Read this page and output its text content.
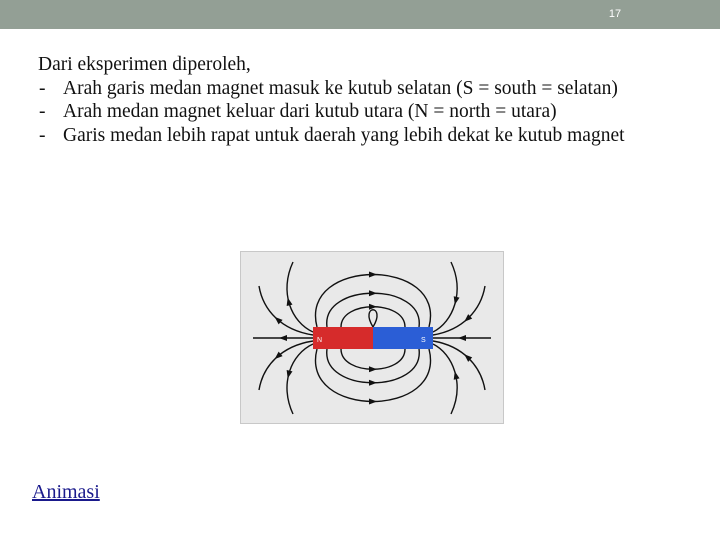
17

Dari eksperimen diperoleh,

- Arah garis medan magnet masuk ke kutub selatan (S = south = selatan)
- Arah medan magnet keluar dari kutub utara (N = north = utara)
- Garis medan lebih rapat untuk daerah yang lebih dekat ke kutub magnet
N	S
Animasi
